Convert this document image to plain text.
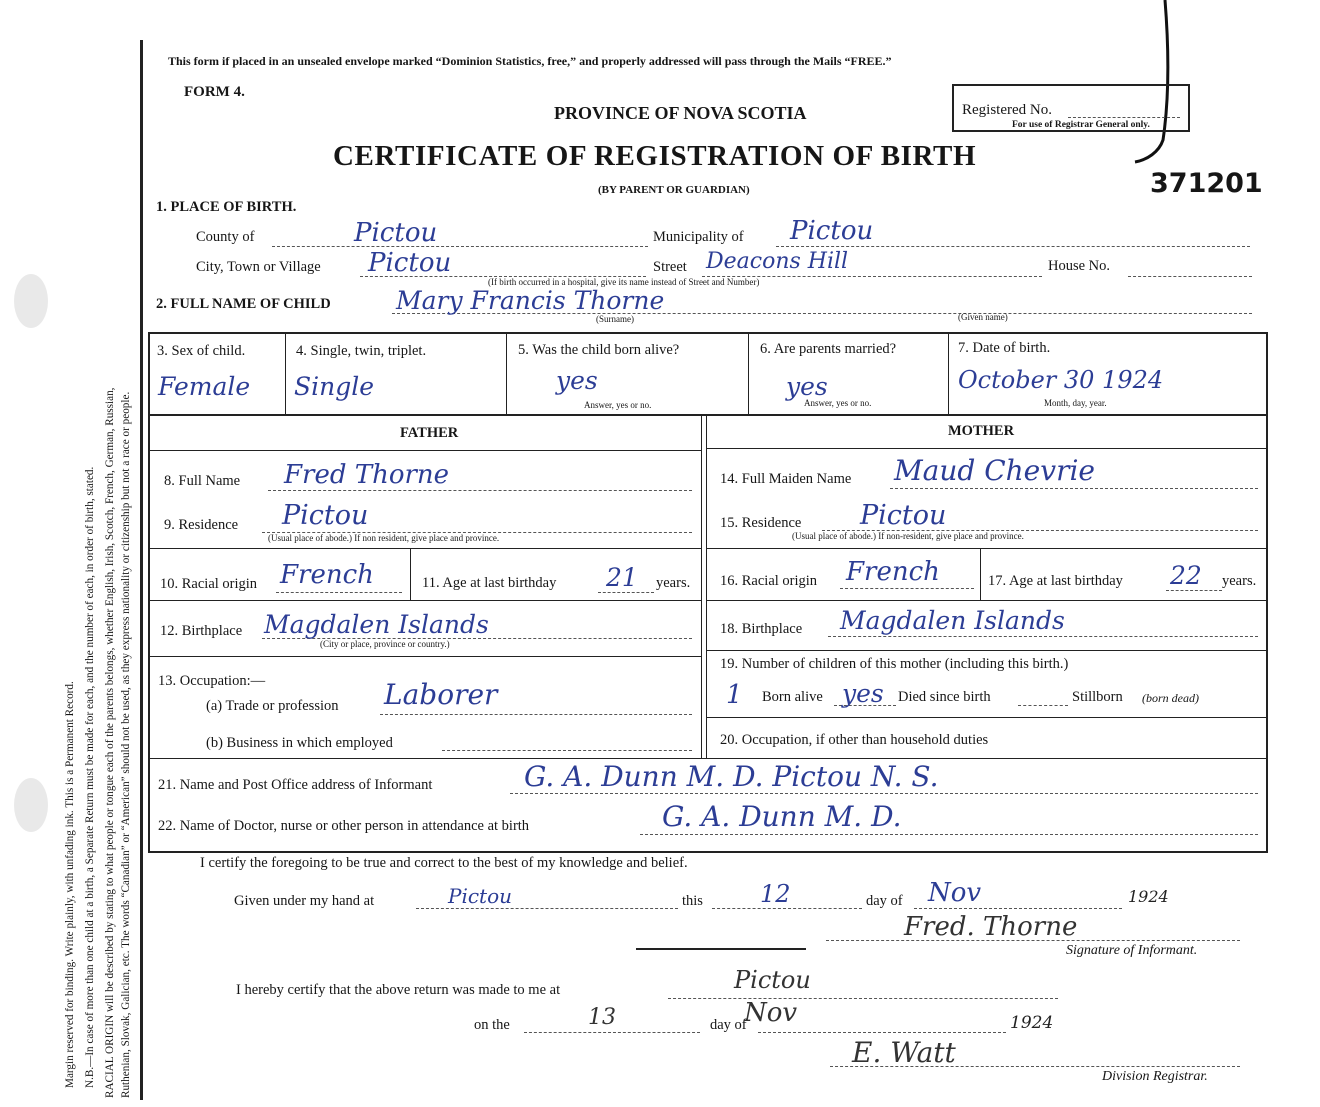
Margin reserved for binding. Write plainly, with unfading ink. This is a Permanent Record. N.B.—In case of more than one child at a birth, a Separate Return must be made for each, and the number of each, in order of birth, stated. RACIAL ORIGIN will be described by stating to what people or tongue each of the parents belongs, whether English, Irish, Scotch, French, German, Russian, Ruthenian, Slovak, Galician, etc. The words “Canadian” or “American” should not be used, as they express nationality or citizenship but not a race or people.
This form if placed in an unsealed envelope marked “Dominion Statistics, free,” and properly addressed will pass through the Mails “FREE.”
FORM 4.
PROVINCE OF NOVA SCOTIA	Registered No.
For use of Registrar General only.
CERTIFICATE OF REGISTRATION OF BIRTH
(BY PARENT OR GUARDIAN)	371201
1. PLACE OF BIRTH.
County of	Pictou	Municipality of Pictou
City, Town or Village Pictou	Street Deacons Hill	House No.
(If birth occurred in a hospital, give its name instead of Street and Number)
2. FULL NAME OF CHILD	Mary Francis Thorne
(Surname)	(Given name)
3. Sex of child.
Female
4. Single, twin, triplet.
Single
5. Was the child born alive?
yes
Answer, yes or no.
6. Are parents married?
yes
Answer, yes or no.
7. Date of birth.
October 30 1924
Month, day, year.
FATHER	MOTHER
8. Full Name Fred Thorne
9. Residence Pictou
(Usual place of abode.) If non resident, give place and province.
10. Racial origin French	11. Age at last birthday 21 years.
12. Birthplace Magdalen Islands
(City or place, province or country.)
13. Occupation:—
(a) Trade or profession Laborer
(b) Business in which employed
14. Full Maiden Name Maud Chevrie
15. Residence Pictou
(Usual place of abode.) If non-resident, give place and province.
16. Racial origin French	17. Age at last birthday 22 years.
18. Birthplace Magdalen Islands
19. Number of children of this mother (including this birth.)
1 Born alive yes Died since birth	Stillborn (born dead)
20. Occupation, if other than household duties
21. Name and Post Office address of Informant	G. A. Dunn M. D. Pictou N. S.
22. Name of Doctor, nurse or other person in attendance at birth	G. A. Dunn M. D.
I certify the foregoing to be true and correct to the best of my knowledge and belief.
Given under my hand at	Pictou	this 12	day of Nov	1924
Fred. Thorne
Signature of Informant.
I hereby certify that the above return was made to me at	Pictou
on the	13	day of
Nov	1924
E. Watt
Division Registrar.
